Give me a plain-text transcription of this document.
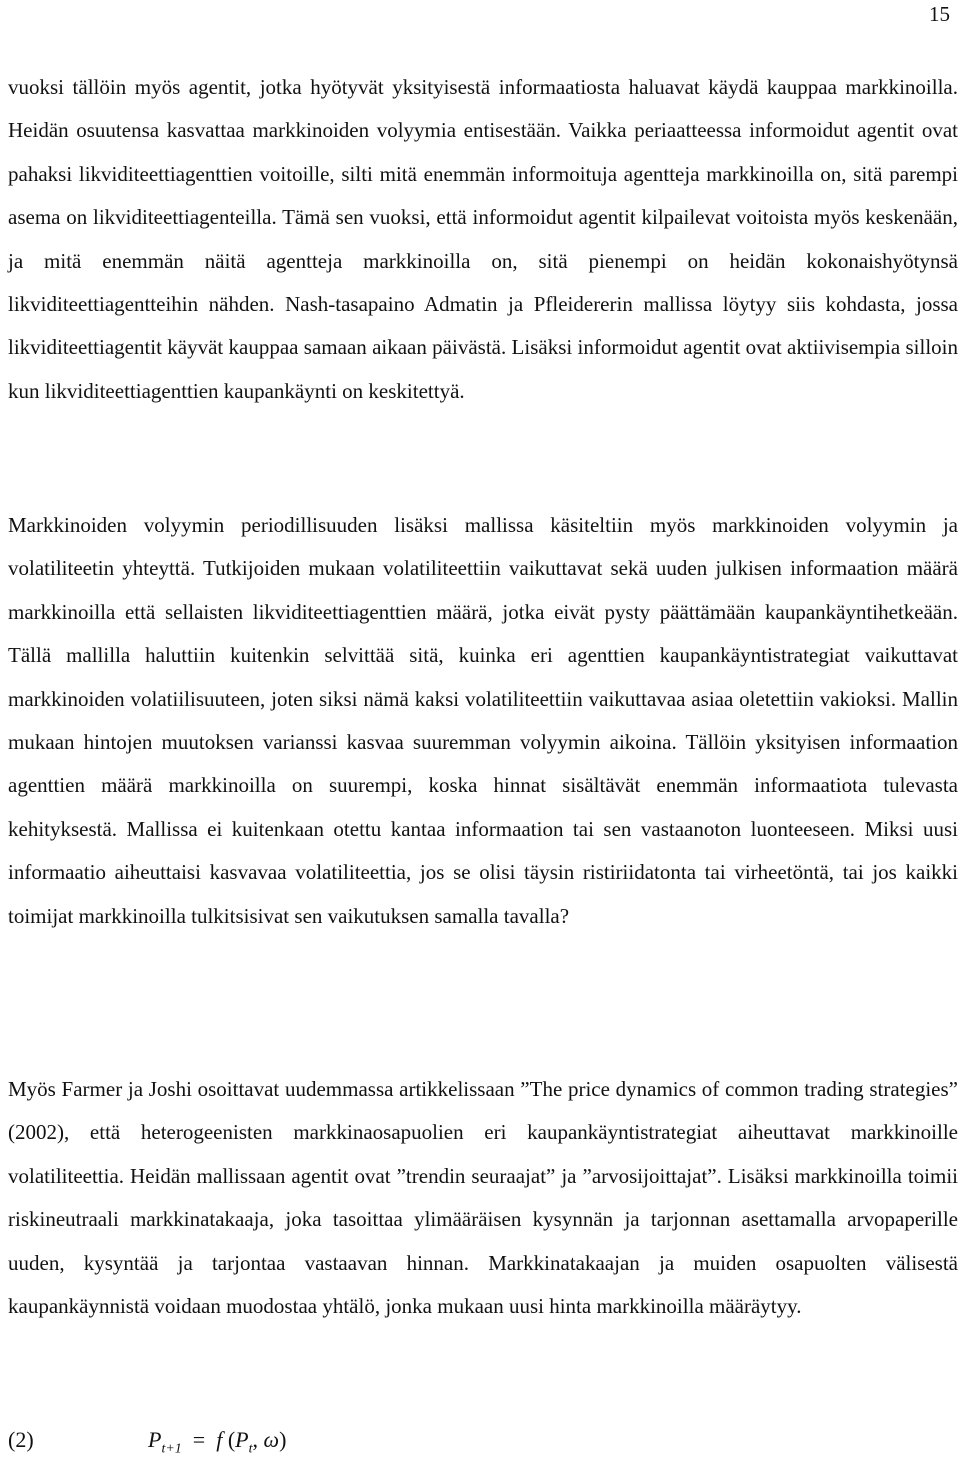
15

vuoksi tällöin myös agentit, jotka hyötyvät yksityisestä informaatiosta haluavat käydä kauppaa markkinoilla. Heidän osuutensa kasvattaa markkinoiden volyymia entisestään. Vaikka periaatteessa informoidut agentit ovat pahaksi likviditeettiagenttien voitoille, silti mitä enemmän informoituja agentteja markkinoilla on, sitä parempi asema on likviditeettiagenteilla. Tämä sen vuoksi, että informoidut agentit kilpailevat voitoista myös keskenään, ja mitä enemmän näitä agentteja markkinoilla on, sitä pienempi on heidän kokonaishyötynsä likviditeettiagentteihin nähden. Nash-tasapaino Admatin ja Pfleidererin mallissa löytyy siis kohdasta, jossa likviditeettiagentit käyvät kauppaa samaan aikaan päivästä. Lisäksi informoidut agentit ovat aktiivisempia silloin kun likviditeettiagenttien kaupankäynti on keskitettyä.

Markkinoiden volyymin periodillisuuden lisäksi mallissa käsiteltiin myös markkinoiden volyymin ja volatiliteetin yhteyttä. Tutkijoiden mukaan volatiliteettiin vaikuttavat sekä uuden julkisen informaation määrä markkinoilla että sellaisten likviditeettiagenttien määrä, jotka eivät pysty päättämään kaupankäyntihetkeään. Tällä mallilla haluttiin kuitenkin selvittää sitä, kuinka eri agenttien kaupankäyntistrategiat vaikuttavat markkinoiden volatiilisuuteen, joten siksi nämä kaksi volatiliteettiin vaikuttavaa asiaa oletettiin vakioksi. Mallin mukaan hintojen muutoksen varianssi kasvaa suuremman volyymin aikoina. Tällöin yksityisen informaation agenttien määrä markkinoilla on suurempi, koska hinnat sisältävät enemmän informaatiota tulevasta kehityksestä. Mallissa ei kuitenkaan otettu kantaa informaation tai sen vastaanoton luonteeseen. Miksi uusi informaatio aiheuttaisi kasvavaa volatiliteettia, jos se olisi täysin ristiriidatonta tai virheetöntä, tai jos kaikki toimijat markkinoilla tulkitsisivat sen vaikutuksen samalla tavalla?

Myös Farmer ja Joshi osoittavat uudemmassa artikkelissaan ”The price dynamics of common trading strategies” (2002), että heterogeenisten markkinaosapuolien eri kaupankäyntistrategiat aiheuttavat markkinoille volatiliteettia. Heidän mallissaan agentit ovat ”trendin seuraajat” ja ”arvosijoittajat”. Lisäksi markkinoilla toimii riskineutraali markkinatakaaja, joka tasoittaa ylimääräisen kysynnän ja tarjonnan asettamalla arvopaperille uuden, kysyntää ja tarjontaa vastaavan hinnan. Markkinatakaajan ja muiden osapuolten välisestä kaupankäynnistä voidaan muodostaa yhtälö, jonka mukaan uusi hinta markkinoilla määräytyy.

(2)	$P_{t+1} = f$ ($P_t$, ω)
